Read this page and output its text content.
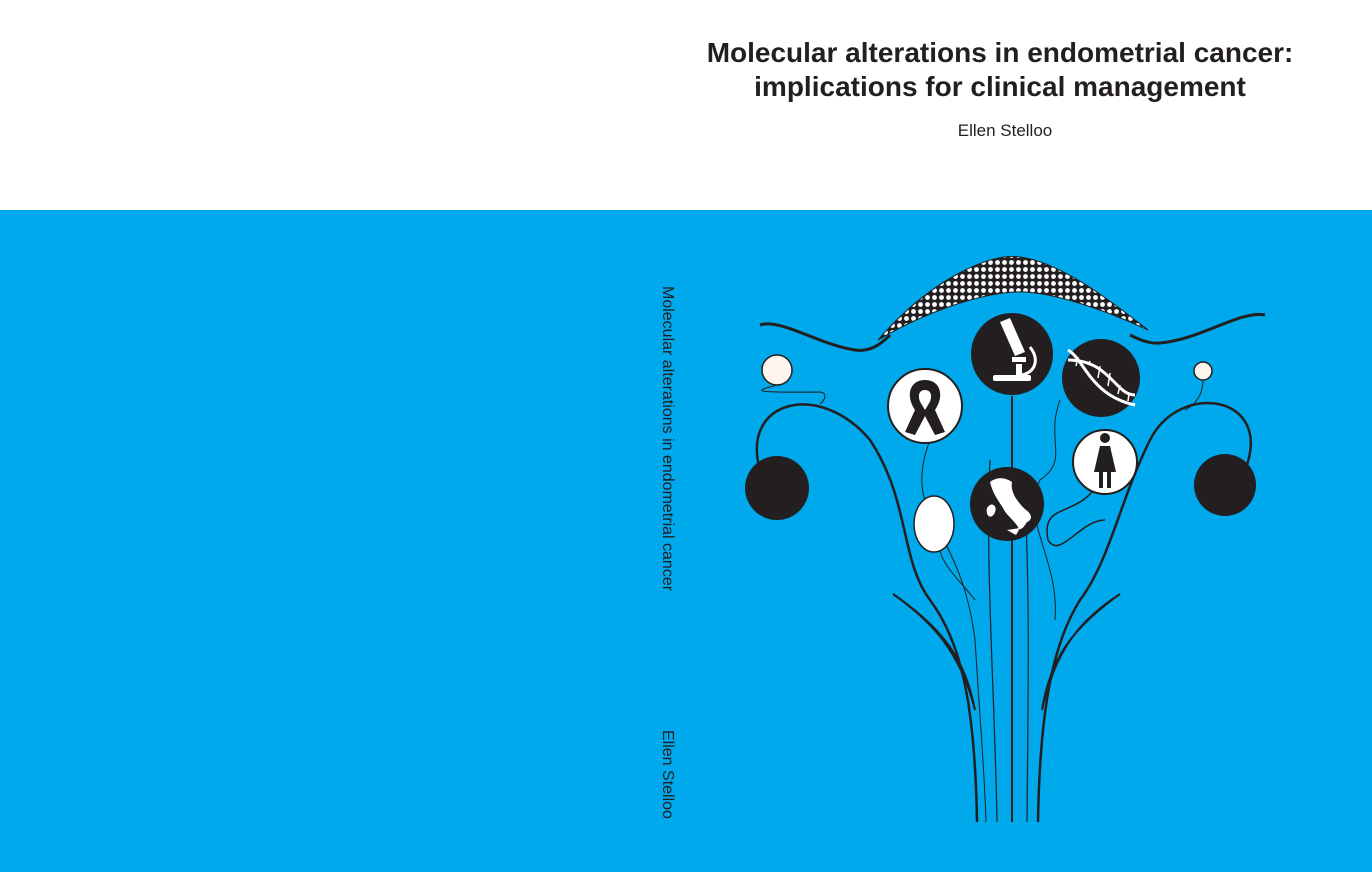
Molecular alterations in endometrial cancer:
implications for clinical management
Ellen Stelloo
Molecular alterations in endometrial cancer
Ellen Stelloo
